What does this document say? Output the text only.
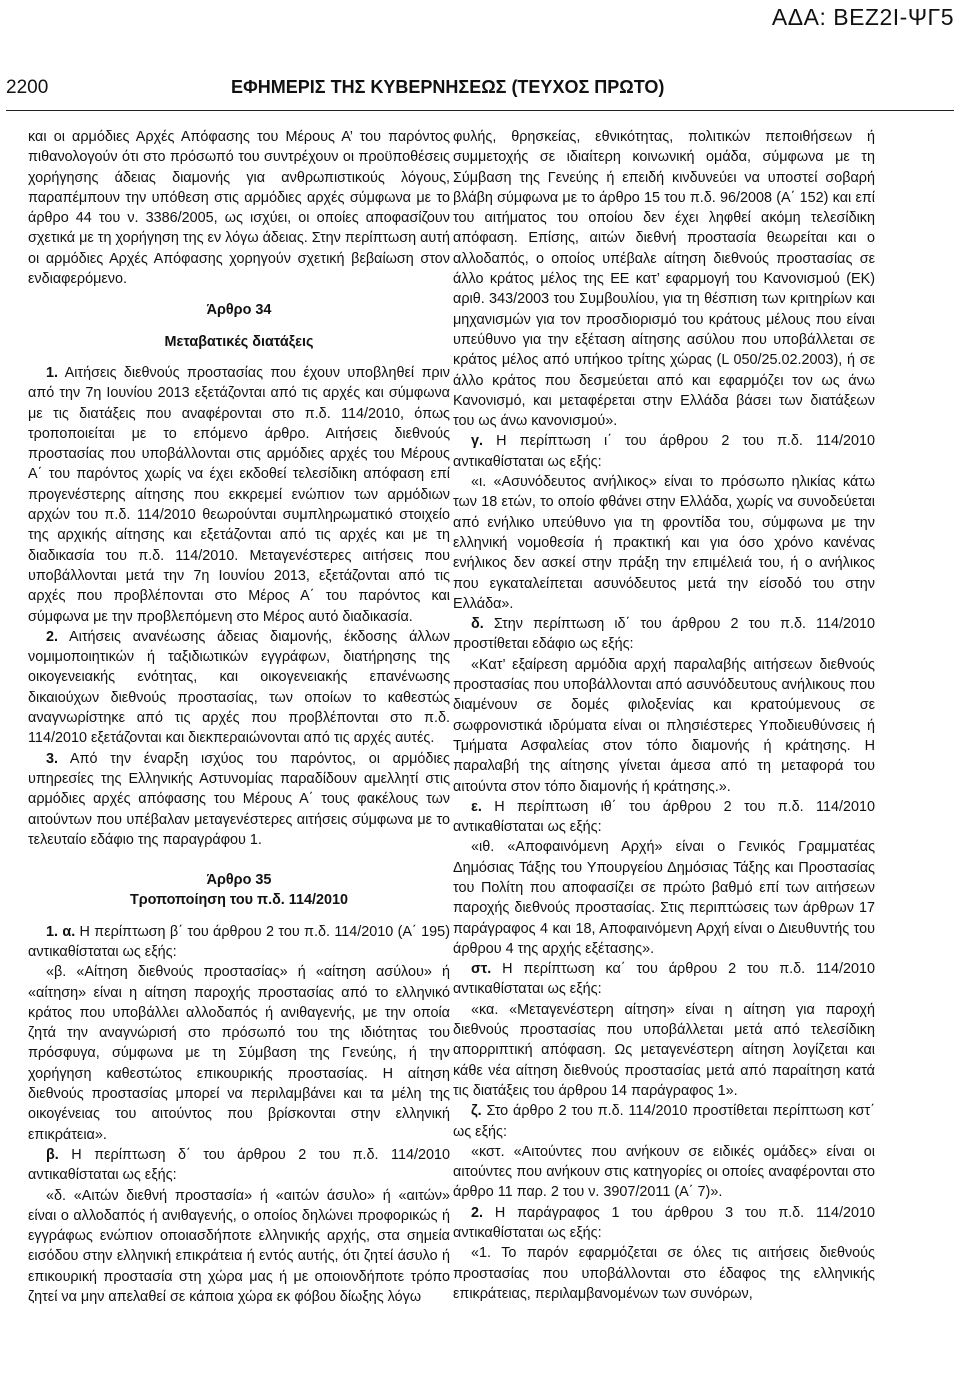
ΑΔΑ: ΒΕΖ2Ι-ΨΓ5
2200	ΕΦΗΜΕΡΙΣ ΤΗΣ ΚΥΒΕΡΝΗΣΕΩΣ (ΤΕΥΧΟΣ ΠΡΩΤΟ)

και οι αρμόδιες Αρχές Απόφασης του Μέρους Α’ του παρόντος πιθανολογούν ότι στο πρόσωπό του συντρέχουν οι προϋποθέσεις χορήγησης άδειας διαμονής για ανθρωπιστικούς λόγους, παραπέμπουν την υπόθεση στις αρμόδιες αρχές σύμφωνα με το άρθρο 44 του ν. 3386/2005, ως ισχύει, οι οποίες αποφασίζουν σχετικά με τη χορήγηση της εν λόγω άδειας. Στην περίπτωση αυτή οι αρμόδιες Αρχές Απόφασης χορηγούν σχετική βεβαίωση στον ενδιαφερόμενο.

Άρθρο 34

Μεταβατικές διατάξεις

1. Αιτήσεις διεθνούς προστασίας που έχουν υποβληθεί πριν από την 7η Ιουνίου 2013 εξετάζονται από τις αρχές και σύμφωνα με τις διατάξεις που αναφέρονται στο π.δ. 114/2010, όπως τροποποιείται με το επόμενο άρθρο. Αιτήσεις διεθνούς προστασίας που υποβάλλονται στις αρμόδιες αρχές του Μέρους Α΄ του παρόντος χωρίς να έχει εκδοθεί τελεσίδικη απόφαση επί προγενέστερης αίτησης που εκκρεμεί ενώπιον των αρμόδιων αρχών του π.δ. 114/2010 θεωρούνται συμπληρωματικό στοιχείο της αρχικής αίτησης και εξετάζονται από τις αρχές και με τη διαδικασία του π.δ. 114/2010. Μεταγενέστερες αιτήσεις που υποβάλλονται μετά την 7η Ιουνίου 2013, εξετάζονται από τις αρχές που προβλέπονται στο Μέρος Α΄ του παρόντος και σύμφωνα με την προβλεπόμενη στο Μέρος αυτό διαδικασία.

2. Αιτήσεις ανανέωσης άδειας διαμονής, έκδοσης άλλων νομιμοποιητικών ή ταξιδιωτικών εγγράφων, διατήρησης της οικογενειακής ενότητας, και οικογενειακής επανένωσης δικαιούχων διεθνούς προστασίας, των οποίων το καθεστώς αναγνωρίστηκε από τις αρχές που προβλέπονται στο π.δ. 114/2010 εξετάζονται και διεκπεραιώνονται από τις αρχές αυτές.

3. Από την έναρξη ισχύος του παρόντος, οι αρμόδιες υπηρεσίες της Ελληνικής Αστυνομίας παραδίδουν αμελλητί στις αρμόδιες αρχές απόφασης του Μέρους Α΄ τους φακέλους των αιτούντων που υπέβαλαν μεταγενέστερες αιτήσεις σύμφωνα με το τελευταίο εδάφιο της παραγράφου 1.

Άρθρο 35

Τροποποίηση του π.δ. 114/2010

1. α. Η περίπτωση β΄ του άρθρου 2 του π.δ. 114/2010 (Α΄ 195) αντικαθίσταται ως εξής:

«β. «Αίτηση διεθνούς προστασίας» ή «αίτηση ασύλου» ή «αίτηση» είναι η αίτηση παροχής προστασίας από το ελληνικό κράτος που υποβάλλει αλλοδαπός ή ανιθαγενής, με την οποία ζητά την αναγνώρισή στο πρόσωπό του της ιδιότητας του πρόσφυγα, σύμφωνα με τη Σύμβαση της Γενεύης, ή την χορήγηση καθεστώτος επικουρικής προστασίας. Η αίτηση διεθνούς προστασίας μπορεί να περιλαμβάνει και τα μέλη της οικογένειας του αιτούντος που βρίσκονται στην ελληνική επικράτεια».

β. Η περίπτωση δ΄ του άρθρου 2 του π.δ. 114/2010 αντικαθίσταται ως εξής:

«δ. «Αιτών διεθνή προστασία» ή «αιτών άσυλο» ή «αιτών» είναι ο αλλοδαπός ή ανιθαγενής, ο οποίος δηλώνει προφορικώς ή εγγράφως ενώπιον οποιασδήποτε ελληνικής αρχής, στα σημεία εισόδου στην ελληνική επικράτεια ή εντός αυτής, ότι ζητεί άσυλο ή επικουρική προστασία στη χώρα μας ή με οποιονδήποτε τρόπο ζητεί να μην απελαθεί σε κάποια χώρα εκ φόβου δίωξης λόγω

φυλής, θρησκείας, εθνικότητας, πολιτικών πεποιθήσεων ή συμμετοχής σε ιδιαίτερη κοινωνική ομάδα, σύμφωνα με τη Σύμβαση της Γενεύης ή επειδή κινδυνεύει να υποστεί σοβαρή βλάβη σύμφωνα με το άρθρο 15 του π.δ. 96/2008 (Α΄ 152) και επί του αιτήματος του οποίου δεν έχει ληφθεί ακόμη τελεσίδικη απόφαση. Επίσης, αιτών διεθνή προστασία θεωρείται και ο αλλοδαπός, ο οποίος υπέβαλε αίτηση διεθνούς προστασίας σε άλλο κράτος μέλος της ΕΕ κατ’ εφαρμογή του Κανονισμού (ΕΚ) αριθ. 343/2003 του Συμβουλίου, για τη θέσπιση των κριτηρίων και μηχανισμών για τον προσδιορισμό του κράτους μέλους που είναι υπεύθυνο για την εξέταση αίτησης ασύλου που υποβάλλεται σε κράτος μέλος από υπήκοο τρίτης χώρας (L 050/25.02.2003), ή σε άλλο κράτος που δεσμεύεται από και εφαρμόζει τον ως άνω Κανονισμό, και μεταφέρεται στην Ελλάδα βάσει των διατάξεων του ως άνω κανονισμού».

γ. Η περίπτωση ι΄ του άρθρου 2 του π.δ. 114/2010 αντικαθίσταται ως εξής:

«ι. «Ασυνόδευτος ανήλικος» είναι το πρόσωπο ηλικίας κάτω των 18 ετών, το οποίο φθάνει στην Ελλάδα, χωρίς να συνοδεύεται από ενήλικο υπεύθυνο για τη φροντίδα του, σύμφωνα με την ελληνική νομοθεσία ή πρακτική και για όσο χρόνο κανένας ενήλικος δεν ασκεί στην πράξη την επιμέλειά του, ή ο ανήλικος που εγκαταλείπεται ασυνόδευτος μετά την είσοδό του στην Ελλάδα».

δ. Στην περίπτωση ιδ΄ του άρθρου 2 του π.δ. 114/2010 προστίθεται εδάφιο ως εξής:

«Κατ’ εξαίρεση αρμόδια αρχή παραλαβής αιτήσεων διεθνούς προστασίας που υποβάλλονται από ασυνόδευτους ανήλικους που διαμένουν σε δομές φιλοξενίας και κρατούμενους σε σωφρονιστικά ιδρύματα είναι οι πλησιέστερες Υποδιευθύνσεις ή Τμήματα Ασφαλείας στον τόπο διαμονής ή κράτησης. Η παραλαβή της αίτησης γίνεται άμεσα από τη μεταφορά του αιτούντα στον τόπο διαμονής ή κράτησης.».

ε. Η περίπτωση ιθ΄ του άρθρου 2 του π.δ. 114/2010 αντικαθίσταται ως εξής:

«ιθ. «Αποφαινόμενη Αρχή» είναι ο Γενικός Γραμματέας Δημόσιας Τάξης του Υπουργείου Δημόσιας Τάξης και Προστασίας του Πολίτη που αποφασίζει σε πρώτο βαθμό επί των αιτήσεων παροχής διεθνούς προστασίας. Στις περιπτώσεις των άρθρων 17 παράγραφος 4 και 18, Αποφαινόμενη Αρχή είναι ο Διευθυντής του άρθρου 4 της αρχής εξέτασης».

στ. Η περίπτωση κα΄ του άρθρου 2 του π.δ. 114/2010 αντικαθίσταται ως εξής:

«κα. «Μεταγενέστερη αίτηση» είναι η αίτηση για παροχή διεθνούς προστασίας που υποβάλλεται μετά από τελεσίδικη απορριπτική απόφαση. Ως μεταγενέστερη αίτηση λογίζεται και κάθε νέα αίτηση διεθνούς προστασίας μετά από παραίτηση κατά τις διατάξεις του άρθρου 14 παράγραφος 1».

ζ. Στο άρθρο 2 του π.δ. 114/2010 προστίθεται περίπτωση κστ΄ ως εξής:

«κστ. «Αιτούντες που ανήκουν σε ειδικές ομάδες» είναι οι αιτούντες που ανήκουν στις κατηγορίες οι οποίες αναφέρονται στο άρθρο 11 παρ. 2 του ν. 3907/2011 (Α΄ 7)».

2. Η παράγραφος 1 του άρθρου 3 του π.δ. 114/2010 αντικαθίσταται ως εξής:

«1. Το παρόν εφαρμόζεται σε όλες τις αιτήσεις διεθνούς προστασίας που υποβάλλονται στο έδαφος της ελληνικής επικράτειας, περιλαμβανομένων των συνόρων,
